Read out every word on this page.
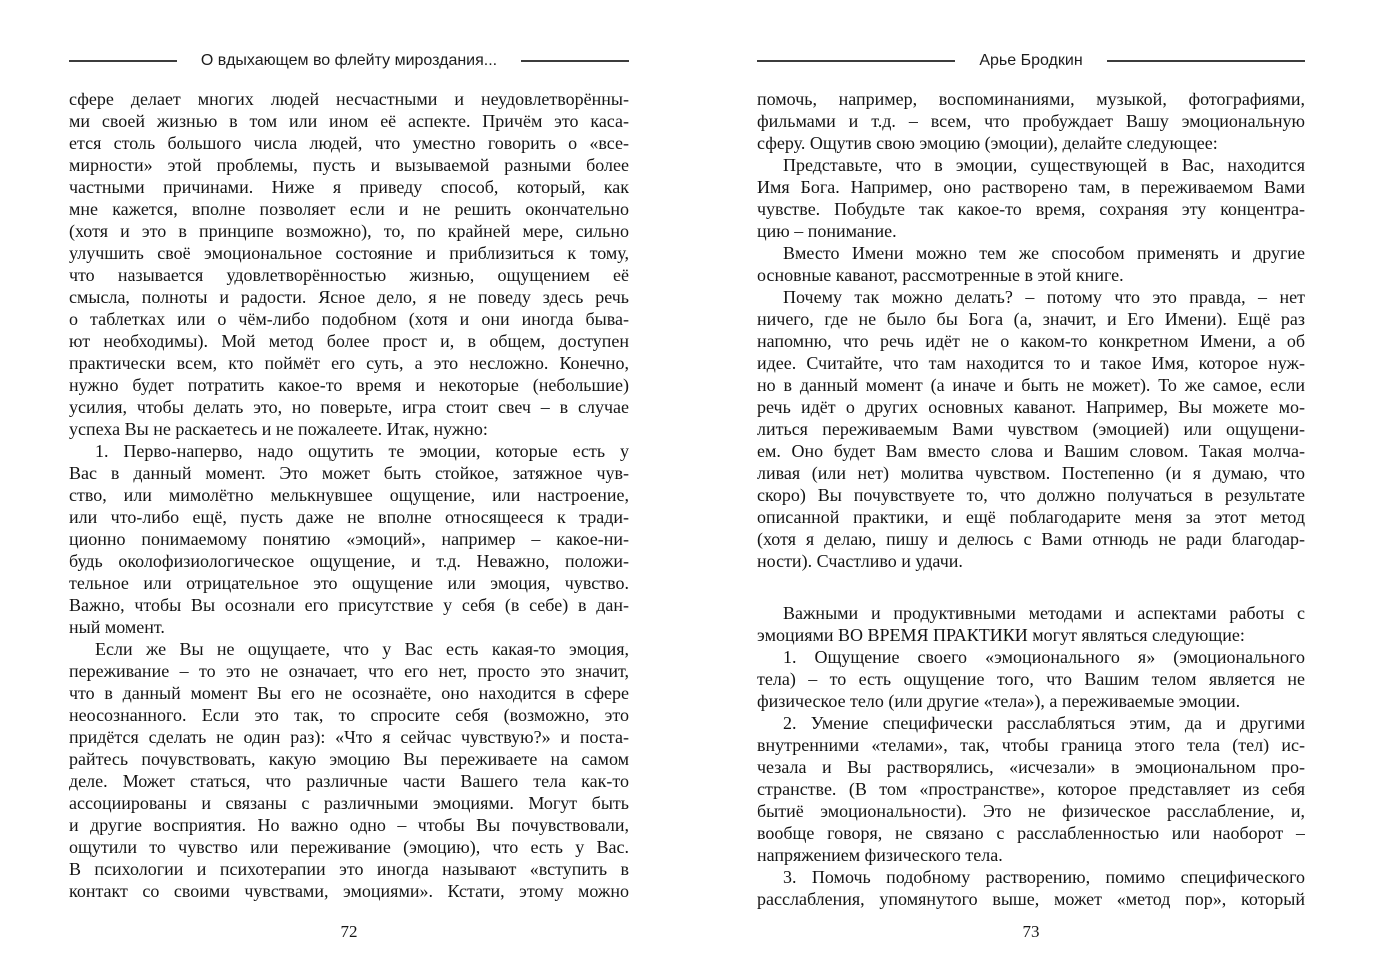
О вдыхающем во флейту мироздания...
сфере делает многих людей несчастными и неудовлетворённы-
ми своей жизнью в том или ином её аспекте. Причём это каса-
ется столь большого числа людей, что уместно говорить о «все-
мирности» этой проблемы, пусть и вызываемой разными более
частными причинами. Ниже я приведу способ, который, как
мне кажется, вполне позволяет если и не решить окончательно
(хотя и это в принципе возможно), то, по крайней мере, сильно
улучшить своё эмоциональное состояние и приблизиться к тому,
что называется удовлетворённостью жизнью, ощущением её
смысла, полноты и радости. Ясное дело, я не поведу здесь речь
о таблетках или о чём-либо подобном (хотя и они иногда быва-
ют необходимы). Мой метод более прост и, в общем, доступен
практически всем, кто поймёт его суть, а это несложно. Конечно,
нужно будет потратить какое-то время и некоторые (небольшие)
усилия, чтобы делать это, но поверьте, игра стоит свеч – в случае
успеха Вы не раскаетесь и не пожалеете. Итак, нужно:
1. Перво-наперво, надо ощутить те эмоции, которые есть у
Вас в данный момент. Это может быть стойкое, затяжное чув-
ство, или мимолётно мелькнувшее ощущение, или настроение,
или что-либо ещё, пусть даже не вполне относящееся к тради-
ционно понимаемому понятию «эмоций», например – какое-ни-
будь околофизиологическое ощущение, и т.д. Неважно, положи-
тельное или отрицательное это ощущение или эмоция, чувство.
Важно, чтобы Вы осознали его присутствие у себя (в себе) в дан-
ный момент.
Если же Вы не ощущаете, что у Вас есть какая-то эмоция,
переживание – то это не означает, что его нет, просто это значит,
что в данный момент Вы его не осознаёте, оно находится в сфере
неосознанного. Если это так, то спросите себя (возможно, это
придётся сделать не один раз): «Что я сейчас чувствую?» и поста-
райтесь почувствовать, какую эмоцию Вы переживаете на самом
деле. Может статься, что различные части Вашего тела как-то
ассоциированы и связаны с различными эмоциями. Могут быть
и другие восприятия. Но важно одно – чтобы Вы почувствовали,
ощутили то чувство или переживание (эмоцию), что есть у Вас.
В психологии и психотерапии это иногда называют «вступить в
контакт со своими чувствами, эмоциями». Кстати, этому можно
72
Арье Бродкин
помочь, например, воспоминаниями, музыкой, фотографиями,
фильмами и т.д. – всем, что пробуждает Вашу эмоциональную
сферу. Ощутив свою эмоцию (эмоции), делайте следующее:
Представьте, что в эмоции, существующей в Вас, находится
Имя Бога. Например, оно растворено там, в переживаемом Вами
чувстве. Побудьте так какое-то время, сохраняя эту концентра-
цию – понимание.
Вместо Имени можно тем же способом применять и другие
основные каванот, рассмотренные в этой книге.
Почему так можно делать? – потому что это правда, – нет
ничего, где не было бы Бога (а, значит, и Его Имени). Ещё раз
напомню, что речь идёт не о каком-то конкретном Имени, а об
идее. Считайте, что там находится то и такое Имя, которое нуж-
но в данный момент (а иначе и быть не может). То же самое, если
речь идёт о других основных каванот. Например, Вы можете мо-
литься переживаемым Вами чувством (эмоцией) или ощущени-
ем. Оно будет Вам вместо слова и Вашим словом. Такая молча-
ливая (или нет) молитва чувством. Постепенно (и я думаю, что
скоро) Вы почувствуете то, что должно получаться в результате
описанной практики, и ещё поблагодарите меня за этот метод
(хотя я делаю, пишу и делюсь с Вами отнюдь не ради благодар-
ности). Счастливо и удачи.
Важными и продуктивными методами и аспектами работы с
эмоциями ВО ВРЕМЯ ПРАКТИКИ могут являться следующие:
1. Ощущение своего «эмоционального я» (эмоционального
тела) – то есть ощущение того, что Вашим телом является не
физическое тело (или другие «тела»), а переживаемые эмоции.
2. Умение специфически расслабляться этим, да и другими
внутренними «телами», так, чтобы граница этого тела (тел) ис-
чезала и Вы растворялись, «исчезали» в эмоциональном про-
странстве. (В том «пространстве», которое представляет из себя
бытиё эмоциональности). Это не физическое расслабление, и,
вообще говоря, не связано с расслабленностью или наоборот –
напряжением физического тела.
3. Помочь подобному растворению, помимо специфического
расслабления, упомянутого выше, может «метод пор», который
73
